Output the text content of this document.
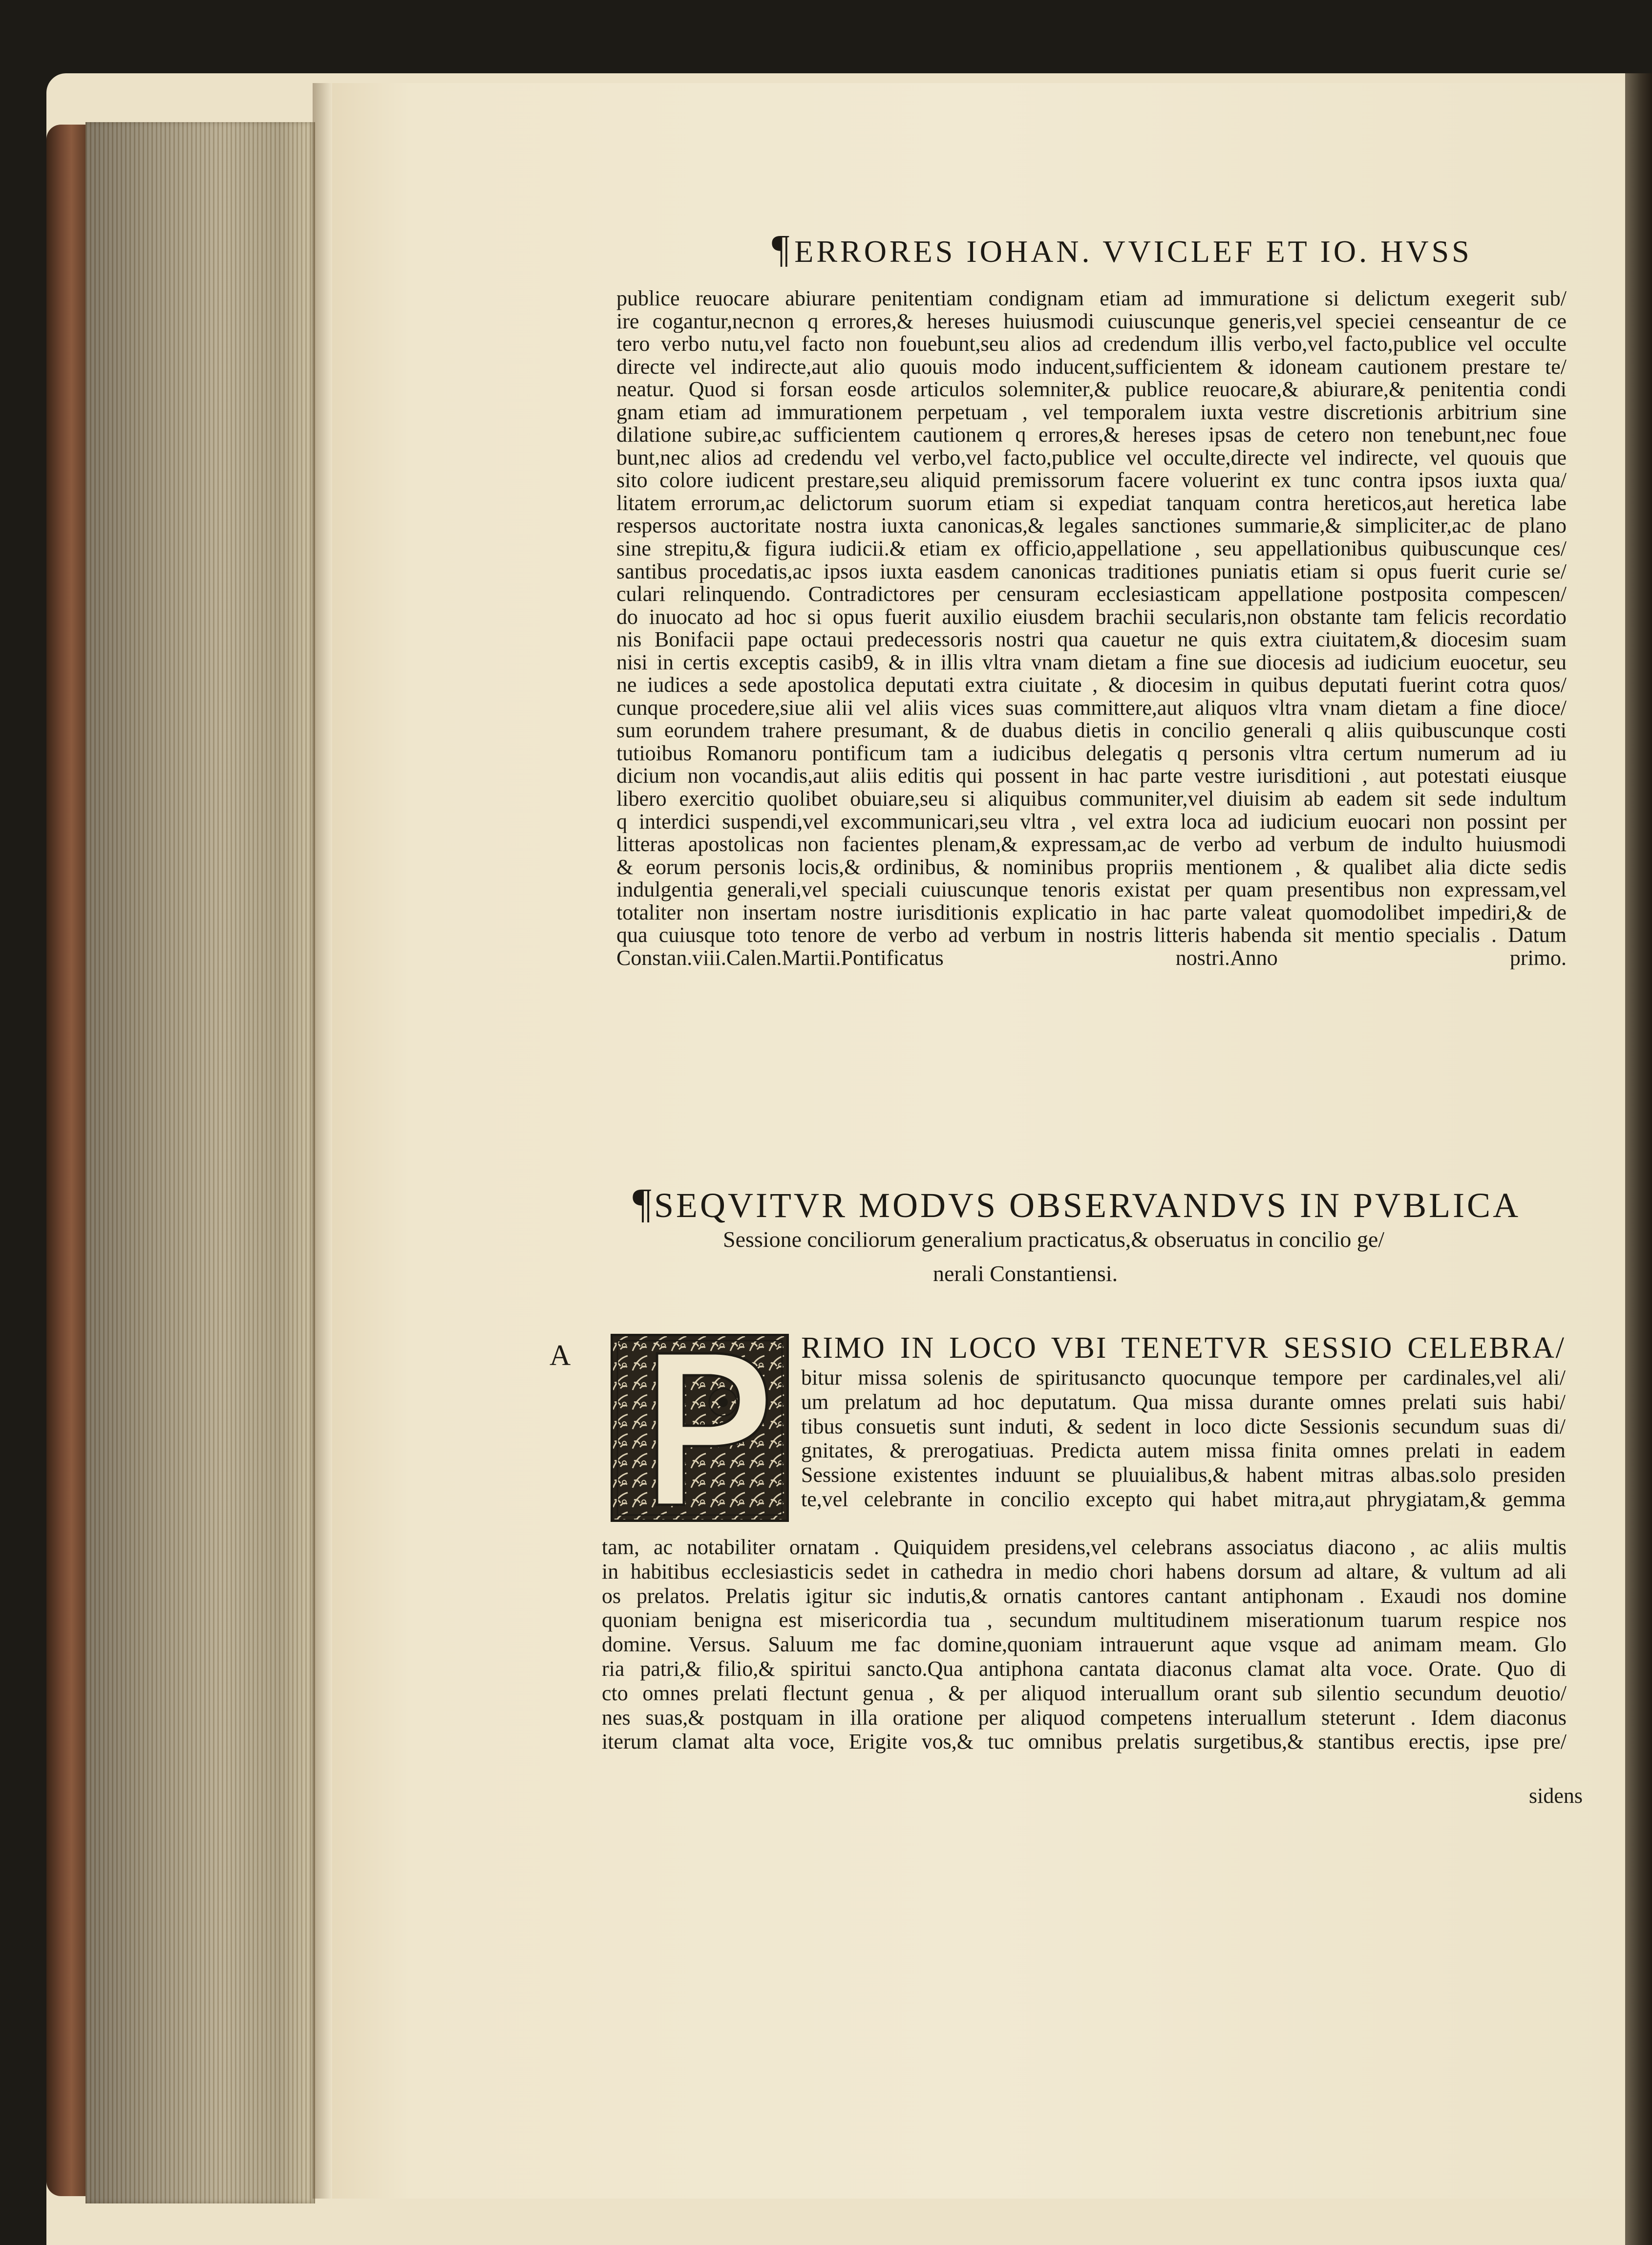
¶ERRORES IOHAN. VVICLEF ET IO. HVSS
publice reuocare abiurare penitentiam condignam etiam ad immuratione si delictum exegerit sub/
ire cogantur,necnon q errores,& hereses huiusmodi cuiuscunque generis,vel speciei censeantur de ce
tero verbo nutu,vel facto non fouebunt,seu alios ad credendum illis verbo,vel facto,publice vel occulte
directe vel indirecte,aut alio quouis modo inducent,sufficientem & idoneam cautionem prestare te/
neatur. Quod si forsan eosde articulos solemniter,& publice reuocare,& abiurare,& penitentia condi
gnam etiam ad immurationem perpetuam , vel temporalem iuxta vestre discretionis arbitrium sine
dilatione subire,ac sufficientem cautionem q errores,& hereses ipsas de cetero non tenebunt,nec foue
bunt,nec alios ad credendu vel verbo,vel facto,publice vel occulte,directe vel indirecte, vel quouis que
sito colore iudicent prestare,seu aliquid premissorum facere voluerint ex tunc contra ipsos iuxta qua/
litatem errorum,ac delictorum suorum etiam si expediat tanquam contra hereticos,aut heretica labe
respersos auctoritate nostra iuxta canonicas,& legales sanctiones summarie,& simpliciter,ac de plano
sine strepitu,& figura iudicii.& etiam ex officio,appellatione , seu appellationibus quibuscunque ces/
santibus procedatis,ac ipsos iuxta easdem canonicas traditiones puniatis etiam si opus fuerit curie se/
culari relinquendo. Contradictores per censuram ecclesiasticam appellatione postposita compescen/
do inuocato ad hoc si opus fuerit auxilio eiusdem brachii secularis,non obstante tam felicis recordatio
nis Bonifacii pape octaui predecessoris nostri qua cauetur ne quis extra ciuitatem,& diocesim suam
nisi in certis exceptis casib9, & in illis vltra vnam dietam a fine sue diocesis ad iudicium euocetur, seu
ne iudices a sede apostolica deputati extra ciuitate , & diocesim in quibus deputati fuerint cotra quos/
cunque procedere,siue alii vel aliis vices suas committere,aut aliquos vltra vnam dietam a fine dioce/
sum eorundem trahere presumant, & de duabus dietis in concilio generali q aliis quibuscunque costi
tutioibus Romanoru pontificum tam a iudicibus delegatis q personis vltra certum numerum ad iu
dicium non vocandis,aut aliis editis qui possent in hac parte vestre iurisditioni , aut potestati eiusque
libero exercitio quolibet obuiare,seu si aliquibus communiter,vel diuisim ab eadem sit sede indultum
q interdici suspendi,vel excommunicari,seu vltra , vel extra loca ad iudicium euocari non possint per
litteras apostolicas non facientes plenam,& expressam,ac de verbo ad verbum de indulto huiusmodi
& eorum personis locis,& ordinibus, & nominibus propriis mentionem , & qualibet alia dicte sedis
indulgentia generali,vel speciali cuiuscunque tenoris existat per quam presentibus non expressam,vel
totaliter non insertam nostre iurisditionis explicatio in hac parte valeat quomodolibet impediri,& de
qua cuiusque toto tenore de verbo ad verbum in nostris litteris habenda sit mentio specialis . Datum
Constan.viii.Calen.Martii.Pontificatus nostri.Anno primo.
¶SEQVITVR MODVS OBSERVANDVS IN PVBLICA
Sessione conciliorum generalium practicatus,& obseruatus in concilio ge/
nerali Constantiensi.
A	RIMO IN LOCO VBI TENETVR SESSIO CELEBRA/
bitur missa solenis de spiritusancto quocunque tempore per cardinales,vel ali/
um prelatum ad hoc deputatum. Qua missa durante omnes prelati suis habi/
tibus consuetis sunt induti, & sedent in loco dicte Sessionis secundum suas di/
gnitates, & prerogatiuas. Predicta autem missa finita omnes prelati in eadem
Sessione existentes induunt se pluuialibus,& habent mitras albas.solo presiden
te,vel celebrante in concilio excepto qui habet mitra,aut phrygiatam,& gemma
tam, ac notabiliter ornatam . Quiquidem presidens,vel celebrans associatus diacono , ac aliis multis
in habitibus ecclesiasticis sedet in cathedra in medio chori habens dorsum ad altare, & vultum ad ali
os prelatos. Prelatis igitur sic indutis,& ornatis cantores cantant antiphonam . Exaudi nos domine
quoniam benigna est misericordia tua , secundum multitudinem miserationum tuarum respice nos
domine. Versus. Saluum me fac domine,quoniam intrauerunt aque vsque ad animam meam. Glo
ria patri,& filio,& spiritui sancto.Qua antiphona cantata diaconus clamat alta voce. Orate. Quo di
cto omnes prelati flectunt genua , & per aliquod interuallum orant sub silentio secundum deuotio/
nes suas,& postquam in illa oratione per aliquod competens interuallum steterunt . Idem diaconus
iterum clamat alta voce, Erigite vos,& tuc omnibus prelatis surgetibus,& stantibus erectis, ipse pre/
sidens
